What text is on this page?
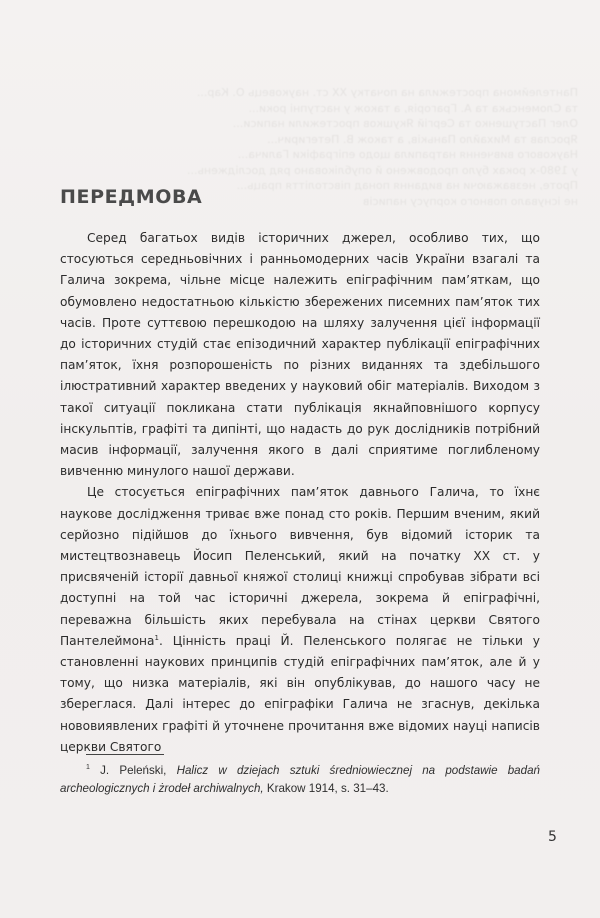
Пантелеймона простежила на початку ХХ ст. науковець О. Кар...
та Сломенська та А. Грагорія, а також у наступні роки...
Олег Пастушенко та Сергій Якушков простежили написи...
Ярослав та Михайло Паньків, а також В. Петегирич...
Наукового вивчення натрапила щодо епіграфіки Галича...
у 1980-х роках було продовжено й опубліковано ряд досліджень...
Проте, незважаючи на видання понад півстоліття праць...
не існувало повного корпусу написів
ПЕРЕДМОВА

Серед багатьох видів історичних джерел, особливо тих, що стосуються середньовічних і ранньомодерних часів України взагалі та Галича зокрема, чільне місце належить епіграфічним пам’яткам, що обумовлено недостатньою кількістю збережених писемних пам’яток тих часів. Проте суттєвою перешкодою на шляху залучення цієї інформації до історичних студій стає епізодичний характер публікації епіграфічних пам’яток, їхня розпорошеність по різних виданнях та здебільшого ілюстративний характер введених у науковий обіг матеріалів. Виходом з такої ситуації покликана стати публікація якнайповнішого корпусу інскульптів, графіті та дипінті, що надасть до рук дослідників потрібний масив інформації, залучення якого в далі сприятиме поглибленому вивченню минулого нашої держави.

Це стосується епіграфічних пам’яток давнього Галича, то їхнє наукове дослідження триває вже понад сто років. Першим вченим, який серйозно підійшов до їхнього вивчення, був відомий історик та мистецтвознавець Йосип Пеленський, який на початку XX ст. у присвяченій історії давньої княжої столиці книжці спробував зібрати всі доступні на той час історичні джерела, зокрема й епіграфічні, переважна більшість яких перебувала на стінах церкви Святого Пантелеймона$^1$. Цінність праці Й. Пеленського полягає не тільки у становленні наукових принципів студій епіграфічних пам’яток, але й у тому, що низка матеріалів, які він опублікував, до нашого часу не збереглася. Далі інтерес до епіграфіки Галича не згаснув, декілька нововиявлених графіті й уточнене прочитання вже відомих науці написів церкви Святого

$^1$ J. Peleński, Halicz w dziejach sztuki średniowiecznej na podstawie badań archeologicznych i żrodeł archiwalnych, Krakow 1914, s. 31–43.
5
